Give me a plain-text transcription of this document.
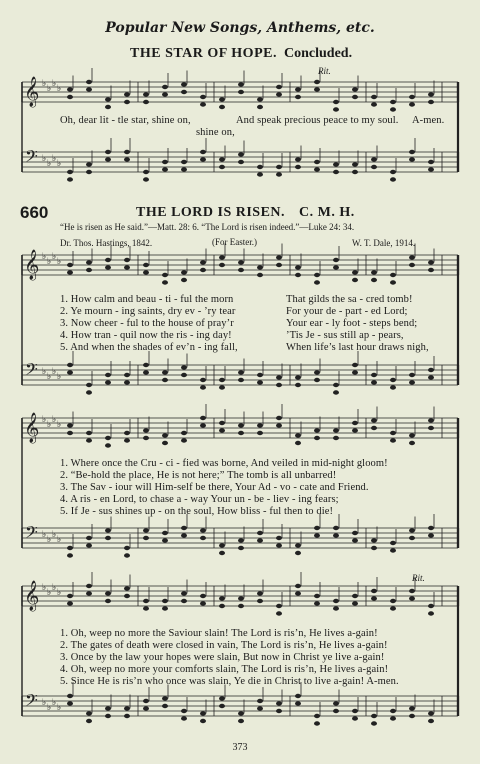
Popular New Songs, Anthems, etc.
THE STAR OF HOPE. Concluded.
Rit.
𝄞 ♭ ♭ ♭ ♭
𝄢 ♭ ♭ ♭ ♭
𝄞 ♭ ♭ ♭ ♭
𝄢 ♭ ♭ ♭ ♭
𝄞 ♭ ♭ ♭ ♭
𝄢 ♭ ♭ ♭ ♭
𝄞 ♭ ♭ ♭ ♭
𝄢 ♭ ♭ ♭ ♭
Oh, dear lit - tle star, shine on,	And speak precious peace to my soul. A-men.
shine on,
660	THE LORD IS RISEN. C. M. H.
“He is risen as He said.”—Matt. 28: 6. “The Lord is risen indeed.”—Luke 24: 34.
Dr. Thos. Hastings, 1842.	(For Easter.)	W. T. Dale, 1914.
1. How calm and beau - ti - ful the morn	That gilds the sa - cred tomb!
2. Ye mourn - ing saints, dry ev - ’ry tear	For your de - part - ed Lord;
3. Now cheer - ful to the house of pray’r	Your ear - ly foot - steps bend;
4. How tran - quil now the ris - ing day!	’Tis Je - sus still ap - pears,
5. And when the shades of ev’n - ing fall,	When life’s last hour draws nigh,
1. Where once the Cru - ci - fied was borne, And veiled in mid-night gloom!
2. “Be-hold the place, He is not here;” The tomb is all unbarred!
3. The Sav - iour will Him-self be there, Your Ad - vo - cate and Friend.
4. A ris - en Lord, to chase a - way Your un - be - liev - ing fears;
5. If Je - sus shines up - on the soul, How bliss - ful then to die!
Rit.
1. Oh, weep no more the Saviour slain! The Lord is ris’n, He lives a-gain!
2. The gates of death were closed in vain, The Lord is ris’n, He lives a-gain!
3. Once by the law your hopes were slain, But now in Christ ye live a-gain!
4. Oh, weep no more your comforts slain, The Lord is ris’n, He lives a-gain!
5. Since He is ris’n who once was slain, Ye die in Christ to live a-gain! A-men.
373
